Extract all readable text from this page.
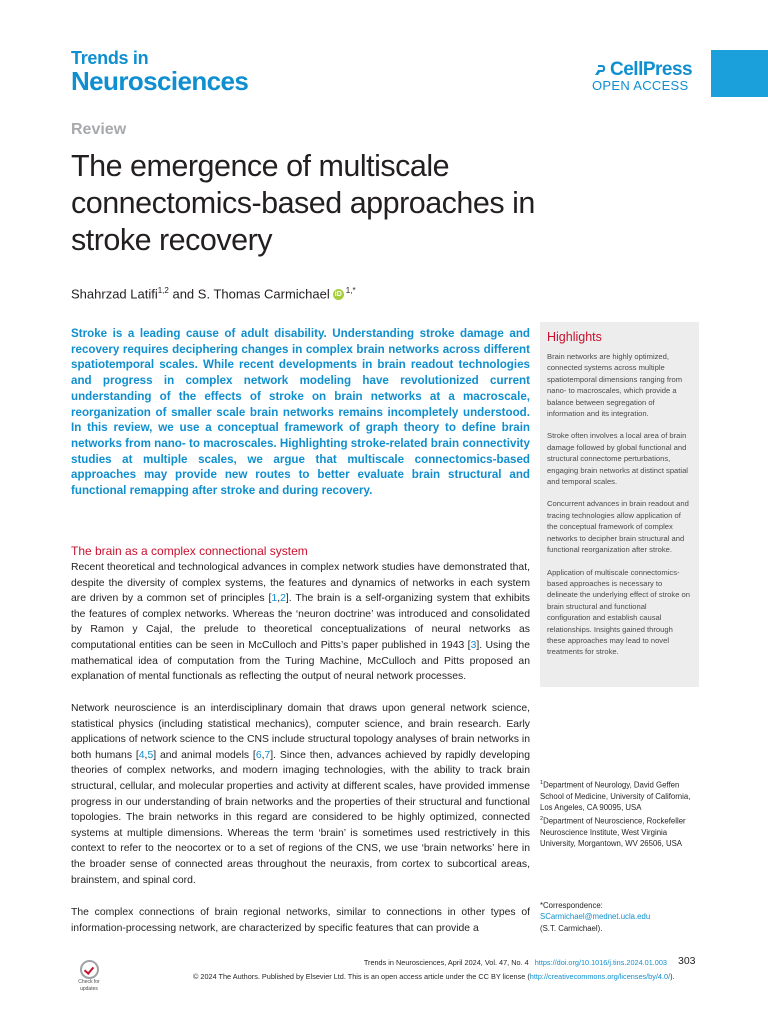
Trends in
Neurosciences	CellPress
OPEN ACCESS
Review
The emergence of multiscale connectomics-based approaches in stroke recovery
Shahrzad Latifi$^{1,2}$ and S. Thomas Carmichael iD $^{1,*}$
Stroke is a leading cause of adult disability. Understanding stroke damage and recovery requires deciphering changes in complex brain networks across different spatiotemporal scales. While recent developments in brain readout technologies and progress in complex network modeling have revolutionized current understanding of the effects of stroke on brain networks at a macroscale, reorganization of smaller scale brain networks remains incompletely understood. In this review, we use a conceptual framework of graph theory to define brain networks from nano- to macroscales. Highlighting stroke-related brain connectivity studies at multiple scales, we argue that multiscale connectomics-based approaches may provide new routes to better evaluate brain structural and functional remapping after stroke and during recovery.
Highlights
Brain networks are highly optimized, connected systems across multiple spatiotemporal dimensions ranging from nano- to macroscales, which provide a balance between segregation of information and its integration.
Stroke often involves a local area of brain damage followed by global functional and structural connectome perturbations, engaging brain networks at distinct spatial and temporal scales.
Concurrent advances in brain readout and tracing technologies allow application of the conceptual framework of complex networks to decipher brain structural and functional reorganization after stroke.
Application of multiscale connectomics-based approaches is necessary to delineate the underlying effect of stroke on brain structural and functional configuration and establish causal relationships. Insights gained through these approaches may lead to novel treatments for stroke.
The brain as a complex connectional system
Recent theoretical and technological advances in complex network studies have demonstrated that, despite the diversity of complex systems, the features and dynamics of networks in each system are driven by a common set of principles [1,2]. The brain is a self-organizing system that exhibits the features of complex networks. Whereas the ‘neuron doctrine’ was introduced and consolidated by Ramon y Cajal, the prelude to theoretical conceptualizations of neural networks as computational entities can be seen in McCulloch and Pitts’s paper published in 1943 [3]. Using the mathematical idea of computation from the Turing Machine, McCulloch and Pitts proposed an explanation of mental functionals as reflecting the output of neural network processes.
Network neuroscience is an interdisciplinary domain that draws upon general network science, statistical physics (including statistical mechanics), computer science, and brain research. Early applications of network science to the CNS include structural topology analyses of brain networks in both humans [4,5] and animal models [6,7]. Since then, advances achieved by rapidly developing theories of complex networks, and modern imaging technologies, with the ability to track brain structural, cellular, and molecular properties and activity at different scales, have provided immense progress in our understanding of brain networks and the properties of their structural and functional topologies. The brain networks in this regard are considered to be highly optimized, connected systems at multiple dimensions. Whereas the term ‘brain’ is sometimes used restrictively in this context to refer to the neocortex or to a set of regions of the CNS, we use ‘brain networks’ here in the broader sense of connected areas throughout the neuraxis, from cortex to subcortical areas, brainstem, and spinal cord.
The complex connections of brain regional networks, similar to connections in other types of information-processing network, are characterized by specific features that can provide a

$^1$Department of Neurology, David Geffen School of Medicine, University of California, Los Angeles, CA 90095, USA

$^2$Department of Neuroscience, Rockefeller Neuroscience Institute, West Virginia University, Morgantown, WV 26506, USA

*Correspondence:
SCarmichael@mednet.ucla.edu
(S.T. Carmichael).
Check for
updates
Trends in Neurosciences, April 2024, Vol. 47, No. 4 https://doi.org/10.1016/j.tins.2024.01.003 303
© 2024 The Authors. Published by Elsevier Ltd. This is an open access article under the CC BY license (http://creativecommons.org/licenses/by/4.0/).
